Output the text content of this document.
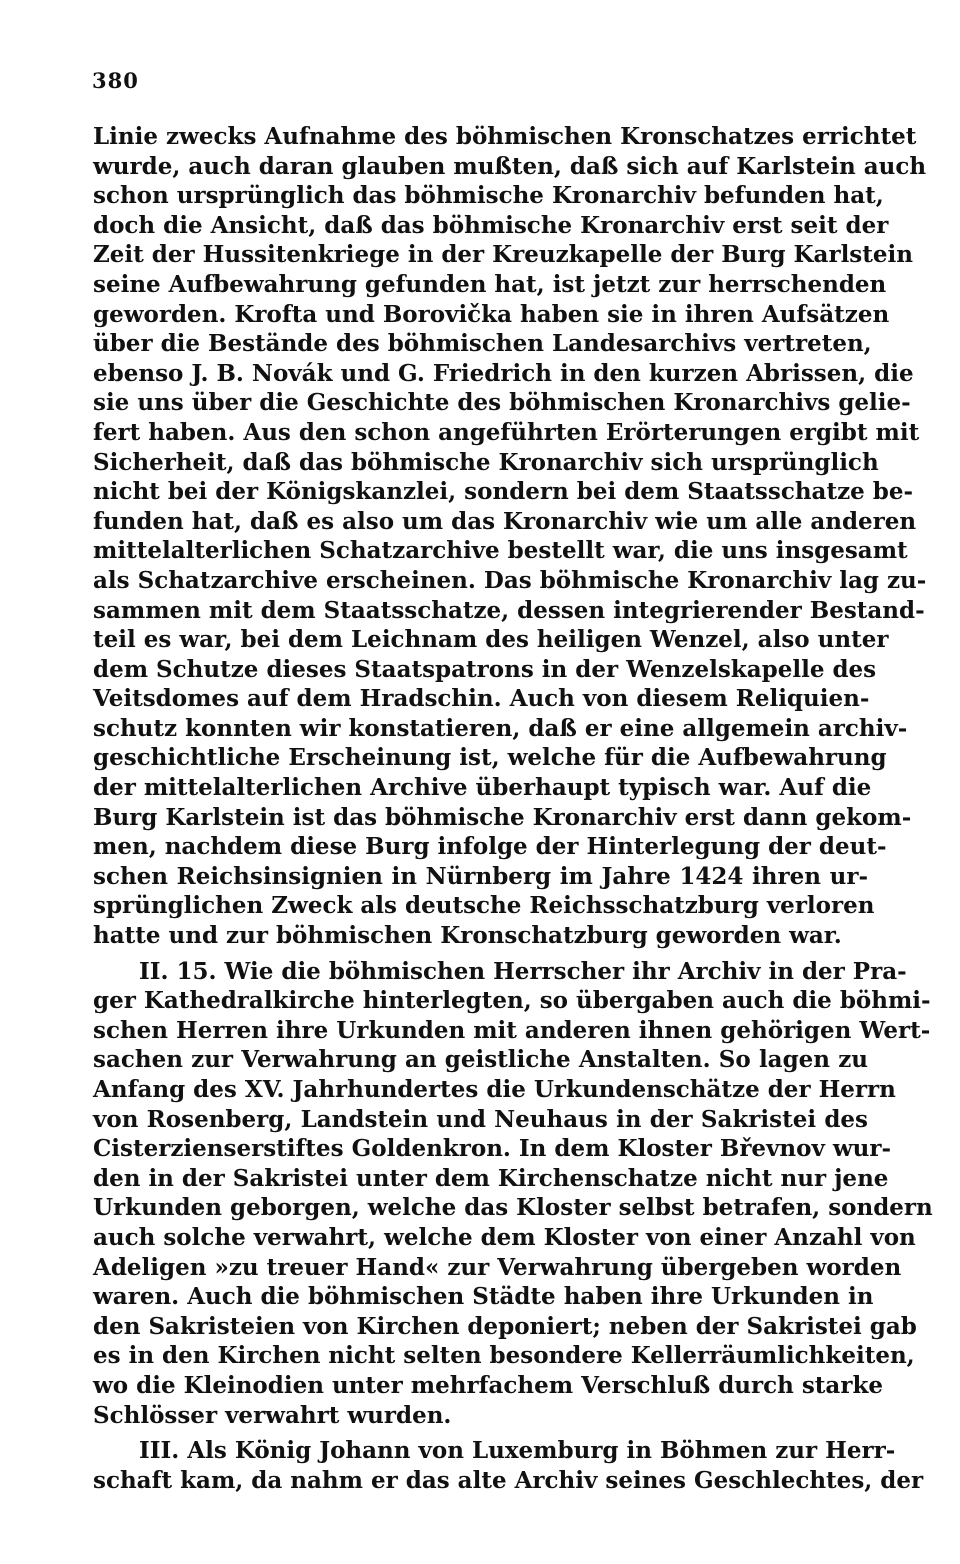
380
Linie zwecks Aufnahme des böhmischen Kronschatzes errichtet
wurde, auch daran glauben mußten, daß sich auf Karlstein auch
schon ursprünglich das böhmische Kronarchiv befunden hat,
doch die Ansicht, daß das böhmische Kronarchiv erst seit der
Zeit der Hussitenkriege in der Kreuzkapelle der Burg Karlstein
seine Aufbewahrung gefunden hat, ist jetzt zur herrschenden
geworden. Krofta und Borovička haben sie in ihren Aufsätzen
über die Bestände des böhmischen Landesarchivs vertreten,
ebenso J. B. Novák und G. Friedrich in den kurzen Abrissen, die
sie uns über die Geschichte des böhmischen Kronarchivs gelie-
fert haben. Aus den schon angeführten Erörterungen ergibt mit
Sicherheit, daß das böhmische Kronarchiv sich ursprünglich
nicht bei der Königskanzlei, sondern bei dem Staatsschatze be-
funden hat, daß es also um das Kronarchiv wie um alle anderen
mittelalterlichen Schatzarchive bestellt war, die uns insgesamt
als Schatzarchive erscheinen. Das böhmische Kronarchiv lag zu-
sammen mit dem Staatsschatze, dessen integrierender Bestand-
teil es war, bei dem Leichnam des heiligen Wenzel, also unter
dem Schutze dieses Staatspatrons in der Wenzelskapelle des
Veitsdomes auf dem Hradschin. Auch von diesem Reliquien-
schutz konnten wir konstatieren, daß er eine allgemein archiv-
geschichtliche Erscheinung ist, welche für die Aufbewahrung
der mittelalterlichen Archive überhaupt typisch war. Auf die
Burg Karlstein ist das böhmische Kronarchiv erst dann gekom-
men, nachdem diese Burg infolge der Hinterlegung der deut-
schen Reichsinsignien in Nürnberg im Jahre 1424 ihren ur-
sprünglichen Zweck als deutsche Reichsschatzburg verloren
hatte und zur böhmischen Kronschatzburg geworden war.
II. 15. Wie die böhmischen Herrscher ihr Archiv in der Pra-
ger Kathedralkirche hinterlegten, so übergaben auch die böhmi-
schen Herren ihre Urkunden mit anderen ihnen gehörigen Wert-
sachen zur Verwahrung an geistliche Anstalten. So lagen zu
Anfang des XV. Jahrhundertes die Urkundenschätze der Herrn
von Rosenberg, Landstein und Neuhaus in der Sakristei des
Cisterzienserstiftes Goldenkron. In dem Kloster Břevnov wur-
den in der Sakristei unter dem Kirchenschatze nicht nur jene
Urkunden geborgen, welche das Kloster selbst betrafen, sondern
auch solche verwahrt, welche dem Kloster von einer Anzahl von
Adeligen »zu treuer Hand« zur Verwahrung übergeben worden
waren. Auch die böhmischen Städte haben ihre Urkunden in
den Sakristeien von Kirchen deponiert; neben der Sakristei gab
es in den Kirchen nicht selten besondere Kellerräumlichkeiten,
wo die Kleinodien unter mehrfachem Verschluß durch starke
Schlösser verwahrt wurden.
III. Als König Johann von Luxemburg in Böhmen zur Herr-
schaft kam, da nahm er das alte Archiv seines Geschlechtes, der
